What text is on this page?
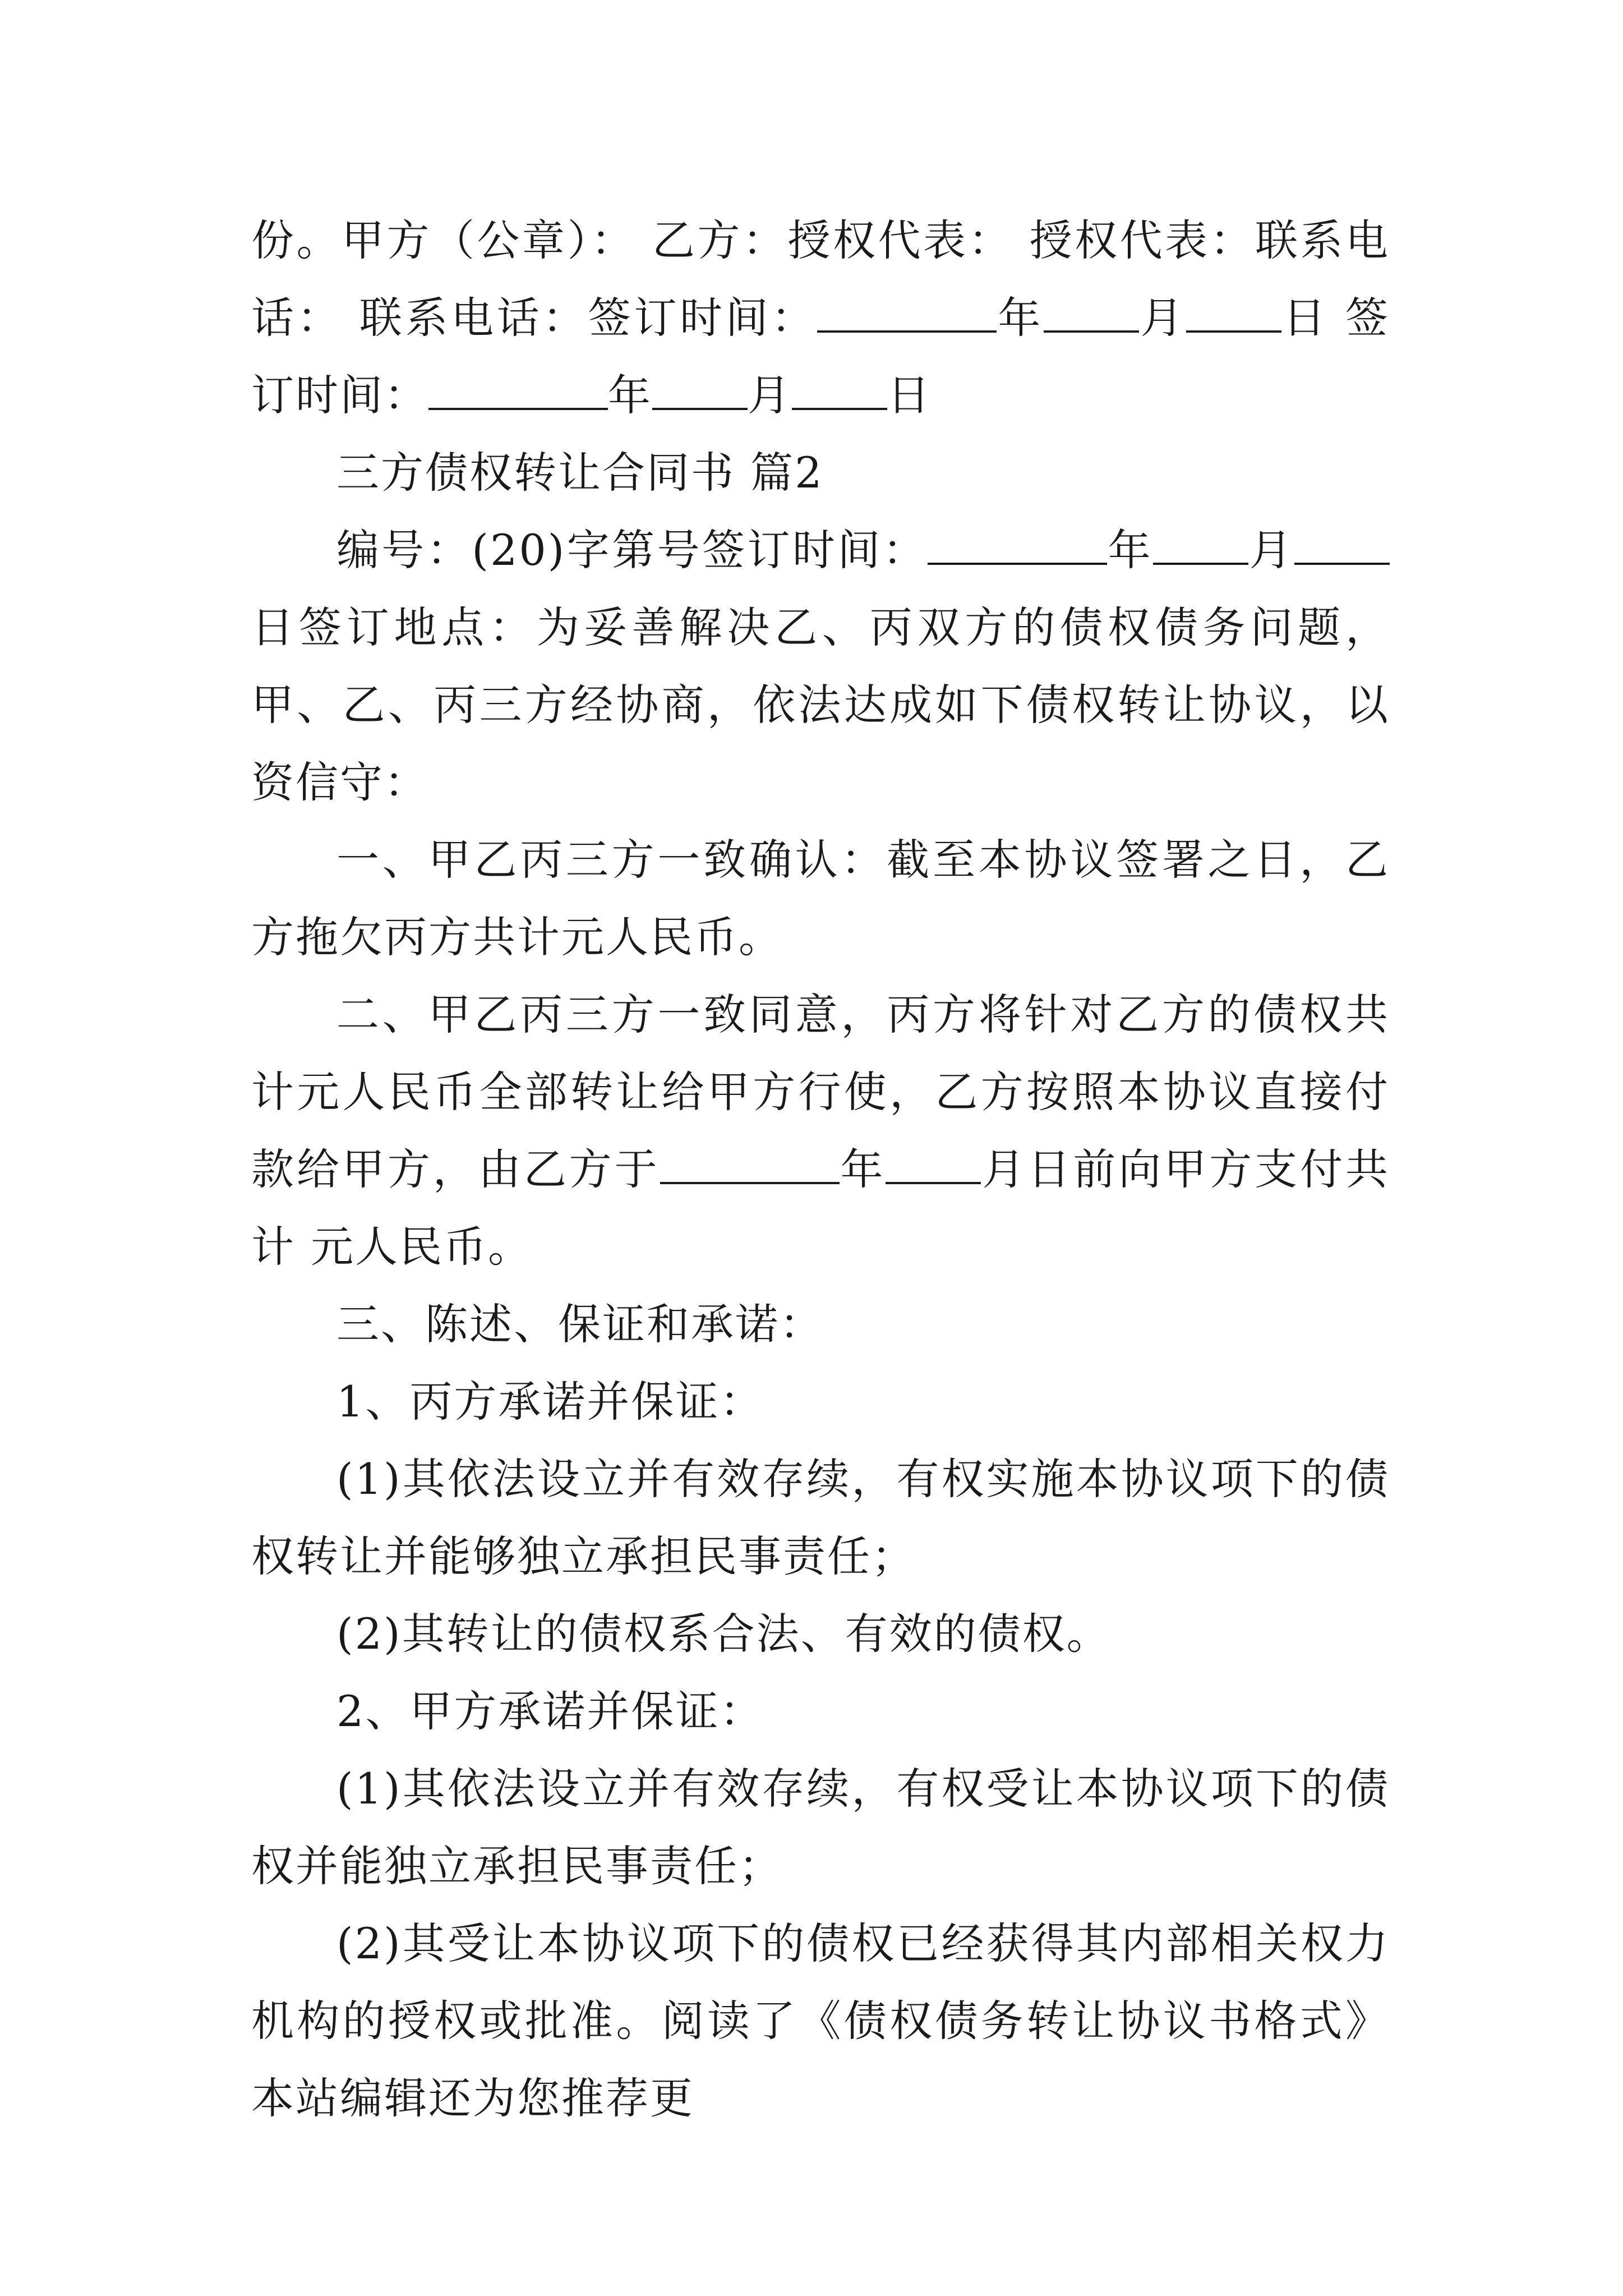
份。甲方（公章）： 乙方：授权代表： 授权代表：联系电话： 联系电话：签订时间：	年 月 日 签订时间：	年 月 日

三方债权转让合同书 篇2

编号：(20)字第号签订时间：	年 月日签订地点：为妥善解决乙、丙双方的债权债务问题，甲、乙、丙三方经协商，依法达成如下债权转让协议，以资信守：

一、甲乙丙三方一致确认：截至本协议签署之日，乙方拖欠丙方共计元人民币。

二、甲乙丙三方一致同意，丙方将针对乙方的债权共计元人民币全部转让给甲方行使，乙方按照本协议直接付款给甲方，由乙方于	年 月日前向甲方支付共计 元人民币。

三、陈述、保证和承诺：

1、丙方承诺并保证：

(1)其依法设立并有效存续，有权实施本协议项下的债权转让并能够独立承担民事责任；

(2)其转让的债权系合法、有效的债权。

2、甲方承诺并保证：

(1)其依法设立并有效存续，有权受让本协议项下的债权并能独立承担民事责任；

(2)其受让本协议项下的债权已经获得其内部相关权力机构的授权或批准。阅读了《债权债务转让协议书格式》本站编辑还为您推荐更
